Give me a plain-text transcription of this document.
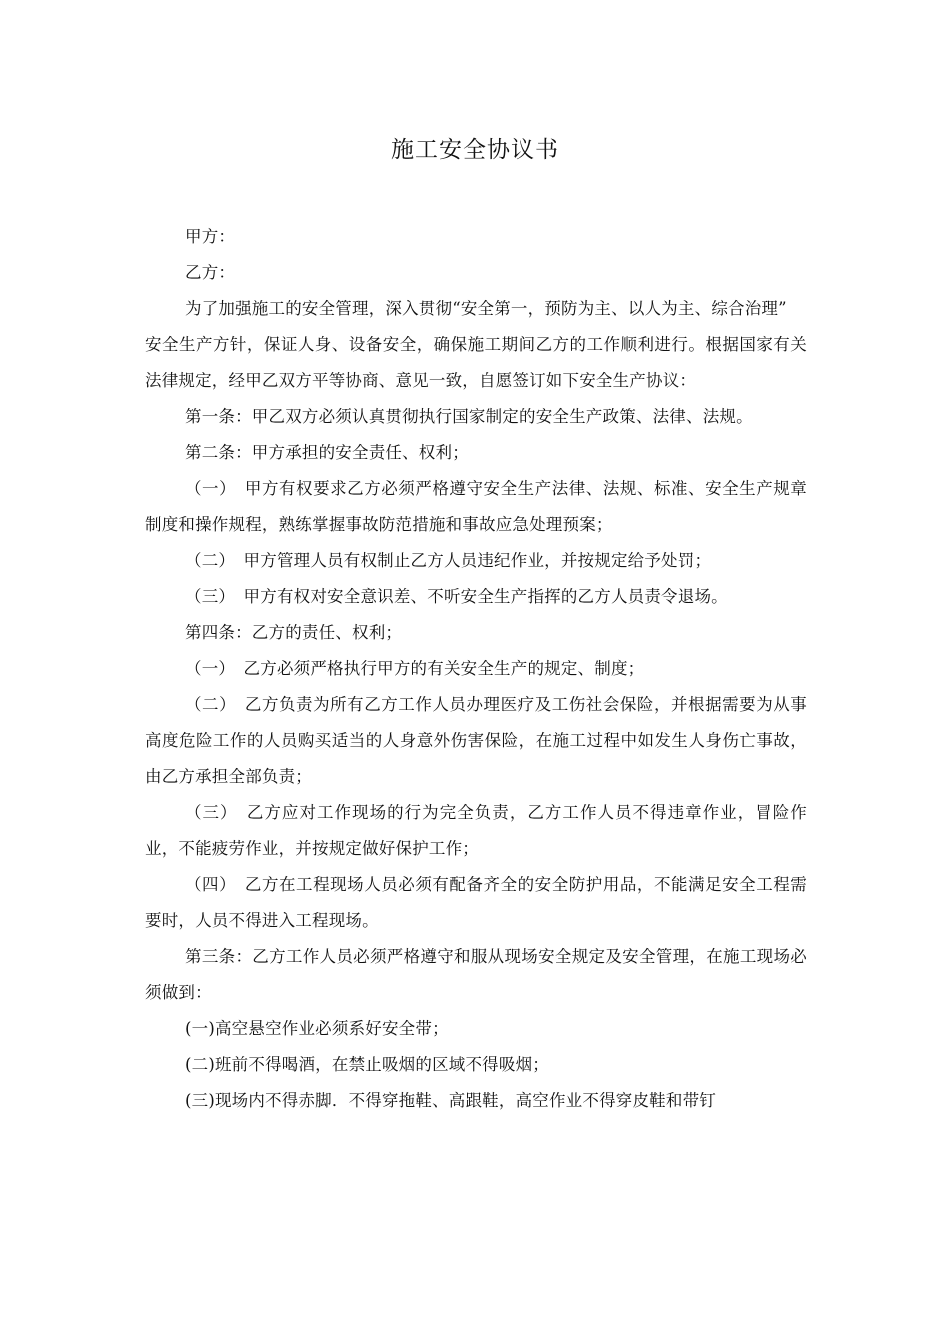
施工安全协议书

甲方：

乙方：

为了加强施工的安全管理，深入贯彻“安全第一，预防为主、以人为主、综合治理”

安全生产方针，保证人身、设备安全，确保施工期间乙方的工作顺利进行。根据国家有关法律规定，经甲乙双方平等协商、意见一致，自愿签订如下安全生产协议：

第一条：甲乙双方必须认真贯彻执行国家制定的安全生产政策、法律、法规。

第二条：甲方承担的安全责任、权利；

（一）　甲方有权要求乙方必须严格遵守安全生产法律、法规、标准、安全生产规章制度和操作规程，熟练掌握事故防范措施和事故应急处理预案；

（二）　甲方管理人员有权制止乙方人员违纪作业，并按规定给予处罚；

（三）　甲方有权对安全意识差、不听安全生产指挥的乙方人员责令退场。

第四条：乙方的责任、权利；

（一）　乙方必须严格执行甲方的有关安全生产的规定、制度；

（二）　乙方负责为所有乙方工作人员办理医疗及工伤社会保险，并根据需要为从事高度危险工作的人员购买适当的人身意外伤害保险，在施工过程中如发生人身伤亡事故，由乙方承担全部负责；

（三）　乙方应对工作现场的行为完全负责，乙方工作人员不得违章作业，冒险作业，不能疲劳作业，并按规定做好保护工作；

（四）　乙方在工程现场人员必须有配备齐全的安全防护用品，不能满足安全工程需要时，人员不得进入工程现场。

第三条：乙方工作人员必须严格遵守和服从现场安全规定及安全管理，在施工现场必须做到：

(一)高空悬空作业必须系好安全带；

(二)班前不得喝酒，在禁止吸烟的区域不得吸烟；

(三)现场内不得赤脚．不得穿拖鞋、高跟鞋，高空作业不得穿皮鞋和带钉
